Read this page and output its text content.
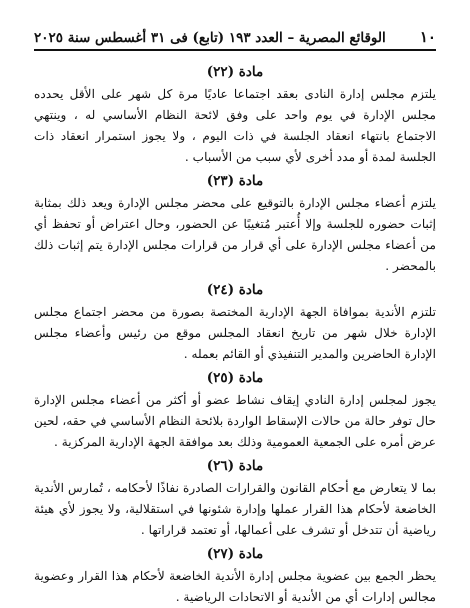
١٠
الوقائع المصرية – العدد ١٩٣ (تابع) فى ٣١ أغسطس سنة ٢٠٢٥
مادة (٢٢)

يلتزم مجلس إدارة النادى بعقد اجتماعا عاديًا مرة كل شهر على الأقل يحدده مجلس الإدارة في يوم واحد على وفق لائحة النظام الأساسي له ، وينتهي الاجتماع بانتهاء انعقاد الجلسة في ذات اليوم ، ولا يجوز استمرار انعقاد ذات الجلسة لمدة أو مدد أخرى لأي سبب من الأسباب .

مادة (٢٣)

يلتزم أعضاء مجلس الإدارة بالتوقيع على محضر مجلس الإدارة ويعد ذلك بمثابة إثبات حضوره للجلسة وإلا أُعتبر مُتغيبًا عن الحضور، وحال اعتراض أو تحفظ أي من أعضاء مجلس الإدارة على أي قرار من قرارات مجلس الإدارة يتم إثبات ذلك بالمحضر .

مادة (٢٤)

تلتزم الأندية بموافاة الجهة الإدارية المختصة بصورة من محضر اجتماع مجلس الإدارة خلال شهر من تاريخ انعقاد المجلس موقع من رئيس وأعضاء مجلس الإدارة الحاضرين والمدير التنفيذي أو القائم بعمله .

مادة (٢٥)

يجوز لمجلس إدارة النادي إيقاف نشاط عضو أو أكثر من أعضاء مجلس الإدارة حال توفر حالة من حالات الإسقاط الواردة بلائحة النظام الأساسي في حقه، لحين عرض أمره على الجمعية العمومية وذلك بعد موافقة الجهة الإدارية المركزية .

مادة (٢٦)

بما لا يتعارض مع أحكام القانون والقرارات الصادرة نفاذًا لأحكامه ، تُمارس الأندية الخاضعة لأحكام هذا القرار عملها وإدارة شئونها في استقلالية، ولا يجوز لأي هيئة رياضية أن تتدخل أو تشرف على أعمالها، أو تعتمد قراراتها .

مادة (٢٧)

يحظر الجمع بين عضوية مجلس إدارة الأندية الخاضعة لأحكام هذا القرار وعضوية مجالس إدارات أي من الأندية أو الاتحادات الرياضية .
